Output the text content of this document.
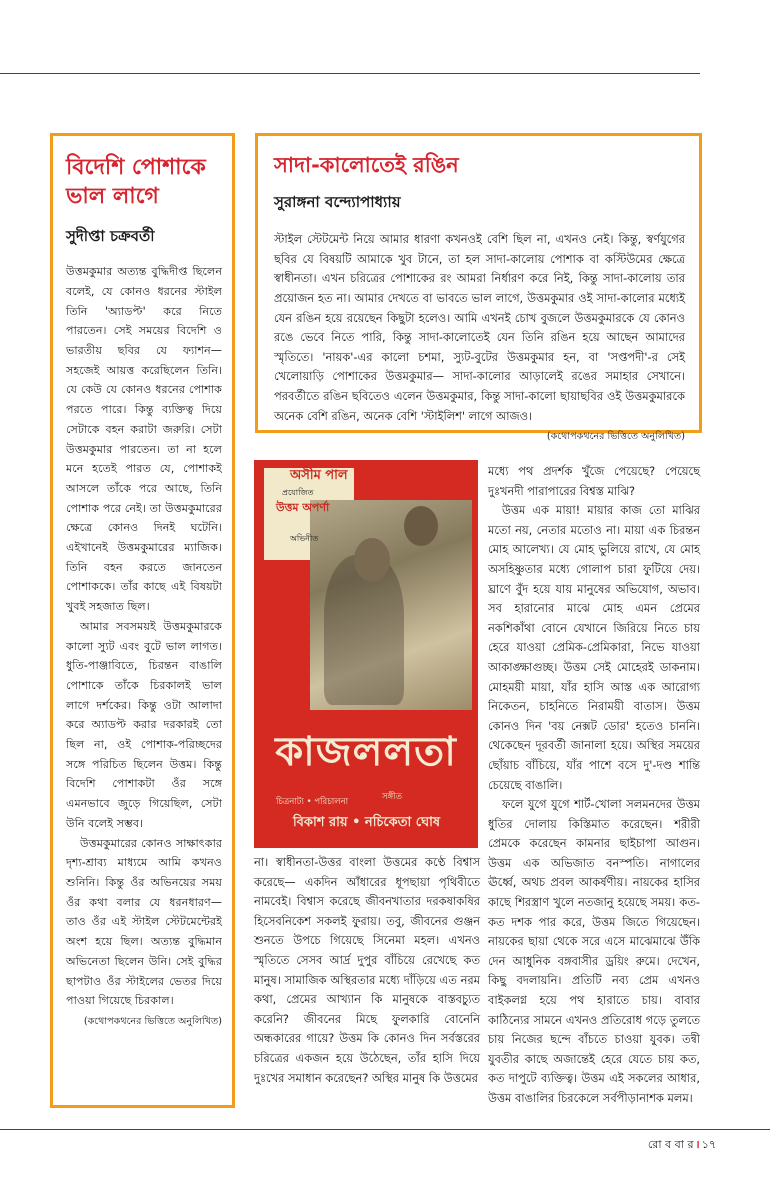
বিদেশি পোশাকে ভাল লাগে
সুদীপ্তা চক্রবর্তী

উত্তমকুমার অত্যন্ত বুদ্ধিদীপ্ত ছিলেন বলেই, যে কোনও ধরনের স্টাইল তিনি 'অ্যাডপ্ট' করে নিতে পারতেন। সেই সময়ের বিদেশি ও ভারতীয় ছবির যে ফ্যাশন— সহজেই আয়ত্ত করেছিলেন তিনি। যে কেউ যে কোনও ধরনের পোশাক পরতে পারে। কিন্তু ব্যক্তিত্ব দিয়ে সেটাকে বহন করাটা জরুরি। সেটা উত্তমকুমার পারতেন। তা না হলে মনে হতেই পারত যে, পোশাকই আসলে তাঁকে পরে আছে, তিনি পোশাক পরে নেই। তা উত্তমকুমারের ক্ষেত্রে কোনও দিনই ঘটেনি। এইখানেই উত্তমকুমারের ম্যাজিক। তিনি বহন করতে জানতেন পোশাককে। তাঁর কাছে এই বিষয়টা খুবই সহজাত ছিল।

আমার সবসময়ই উত্তমকুমারকে কালো স্যুট এবং বুটে ভাল লাগত। ধুতি-পাঞ্জাবিতে, চিরন্তন বাঙালি পোশাকে তাঁকে চিরকালই ভাল লাগে দর্শকের। কিন্তু ওটা আলাদা করে অ্যাডপ্ট করার দরকারই তো ছিল না, ওই পোশাক-পরিচ্ছদের সঙ্গে পরিচিত ছিলেন উত্তম। কিন্তু বিদেশি পোশাকটা ওঁর সঙ্গে এমনভাবে জুড়ে গিয়েছিল, সেটা উনি বলেই সম্ভব।

উত্তমকুমারের কোনও সাক্ষাৎকার দৃশ্য-শ্রাব্য মাধ্যমে আমি কখনও শুনিনি। কিন্তু ওঁর অভিনয়ের সময় ওঁর কথা বলার যে ধরনধারণ— তাও ওঁর এই স্টাইল স্টেটমেন্টেরই অংশ হয়ে ছিল। অত্যন্ত বুদ্ধিমান অভিনেতা ছিলেন উনি। সেই বুদ্ধির ছাপটাও ওঁর স্টাইলের ভেতর দিয়ে পাওয়া গিয়েছে চিরকাল।

(কথোপকথনের ভিত্তিতে অনুলিখিত)
সাদা-কালোতেই রঙিন
সুরাঙ্গনা বন্দ্যোপাধ্যায়

স্টাইল স্টেটমেন্ট নিয়ে আমার ধারণা কখনওই বেশি ছিল না, এখনও নেই। কিন্তু, স্বর্ণযুগের ছবির যে বিষয়টি আমাকে খুব টানে, তা হল সাদা-কালোয় পোশাক বা কস্টিউমের ক্ষেত্রে স্বাধীনতা। এখন চরিত্রের পোশাকের রং আমরা নির্ধারণ করে নিই, কিন্তু সাদা-কালোয় তার প্রয়োজন হত না। আমার দেখতে বা ভাবতে ভাল লাগে, উত্তমকুমার ওই সাদা-কালোর মধ্যেই যেন রঙিন হয়ে রয়েছেন কিছুটা হলেও। আমি এখনই চোখ বুজলে উত্তমকুমারকে যে কোনও রঙে ভেবে নিতে পারি, কিন্তু সাদা-কালোতেই যেন তিনি রঙিন হয়ে আছেন আমাদের স্মৃতিতে। 'নায়ক'-এর কালো চশমা, স্যুট-বুটের উত্তমকুমার হন, বা 'সপ্তপদী'-র সেই খেলোয়াড়ি পোশাকের উত্তমকুমার— সাদা-কালোর আড়ালেই রঙের সমাহার সেখানে। পরবর্তীতে রঙিন ছবিতেও এলেন উত্তমকুমার, কিন্তু সাদা-কালো ছায়াছবির ওই উত্তমকুমারকে অনেক বেশি রঙিন, অনেক বেশি 'স্টাইলিশ' লাগে আজও।

(কথোপকথনের ভিত্তিতে অনুলিখিত)
অসীম পাল
প্রযোজিত
উত্তম অপর্ণা
অভিনীত
কাজললতা
চিত্রনাট্য • পরিচালনা	সঙ্গীত
বিকাশ রায় • নচিকেতা ঘোষ

না। স্বাধীনতা-উত্তর বাংলা উত্তমের কণ্ঠে বিশ্বাস করেছে— একদিন আঁধারের ধূপছায়া পৃথিবীতে নামবেই। বিশ্বাস করেছে জীবনখাতার দরকষাকষির হিসেবনিকেশ সকলই ফুরায়। তবু, জীবনের গুঞ্জন শুনতে উপচে গিয়েছে সিনেমা মহল। এখনও স্মৃতিতে সেসব আর্দ্র দুপুর বাঁচিয়ে রেখেছে কত মানুষ। সামাজিক অস্থিরতার মধ্যে দাঁড়িয়ে এত নরম কথা, প্রেমের আখ্যান কি মানুষকে বাস্তবচ্যুত করেনি? জীবনের মিছে ফুলকারি বোনেনি অন্ধকারের গায়ে? উত্তম কি কোনও দিন সর্বস্তরের চরিত্রের একজন হয়ে উঠেছেন, তাঁর হাসি দিয়ে দুঃখের সমাধান করেছেন? অস্থির মানুষ কি উত্তমের

মধ্যে পথ প্রদর্শক খুঁজে পেয়েছে? পেয়েছে দুঃখনদী পারাপারের বিশ্বস্ত মাঝি?

উত্তম এক মায়া! মায়ার কাজ তো মাঝির মতো নয়, নেতার মতোও না। মায়া এক চিরন্তন মোহ আলেখ্য। যে মোহ ভুলিয়ে রাখে, যে মোহ অসহিষ্ণুতার মধ্যে গোলাপ চারা ফুটিয়ে দেয়। ঘ্রাণে বুঁদ হয়ে যায় মানুষের অভিযোগ, অভাব। সব হারানোর মাঝে মোহ এমন প্রেমের নকশিকাঁথা বোনে যেখানে জিরিয়ে নিতে চায় হেরে যাওয়া প্রেমিক-প্রেমিকারা, নিভে যাওয়া আকাঙ্ক্ষাগুচ্ছ। উত্তম সেই মোহেরই ডাকনাম। মোহময়ী মায়া, যাঁর হাসি আস্ত এক আরোগ্য নিকেতন, চাহনিতে নিরাময়ী বাতাস। উত্তম কোনও দিন 'বয় নেক্সট ডোর' হতেও চাননি। থেকেছেন দূরবর্তী জানালা হয়ে। অস্থির সময়ের ছোঁয়াচ বাঁচিয়ে, যাঁর পাশে বসে দু'-দণ্ড শান্তি চেয়েছে বাঙালি।

ফলে যুগে যুগে শার্ট-খোলা সলমনদের উত্তম ধুতির দোলায় কিস্তিমাত করেছেন। শরীরী প্রেমকে করেছেন কামনার ছাইচাপা আগুন। উত্তম এক অভিজাত বনস্পতি। নাগালের ঊর্ধ্বে, অথচ প্রবল আকর্ষণীয়। নায়কের হাসির কাছে শিরস্ত্রাণ খুলে নতজানু হয়েছে সময়। কত-কত দশক পার করে, উত্তম জিতে গিয়েছেন। নায়কের ছায়া থেকে সরে এসে মাঝেমাঝে উঁকি দেন আধুনিক বঙ্গবাসীর ড্রয়িং রুমে। দেখেন, কিছু বদলায়নি। প্রতিটি নব্য প্রেম এখনও বাইকলগ্ন হয়ে পথ হারাতে চায়। বাবার কাঠিন্যের সামনে এখনও প্রতিরোধ গড়ে তুলতে চায় নিজের ছন্দে বাঁচতে চাওয়া যুবক। তন্বী যুবতীর কাছে অজান্তেই হেরে যেতে চায় কত, কত দাপুটে ব্যক্তিত্ব। উত্তম এই সকলের আধার, উত্তম বাঙালির চিরকেলে সর্বপীড়ানাশক মলম।

রো ব বা র । ১৭
